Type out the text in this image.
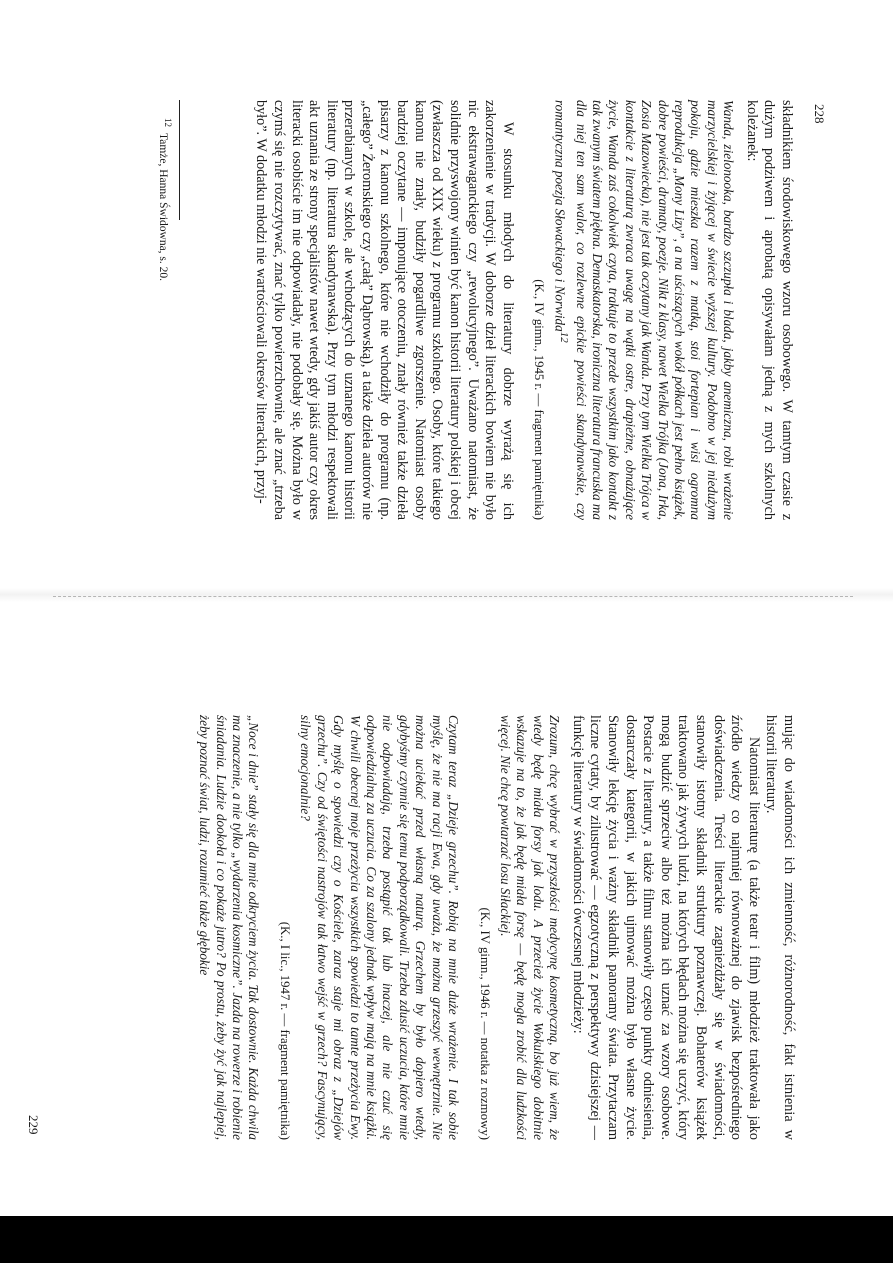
228

składnikiem środowiskowego wzoru osobowego. W tamtym czasie z dużym podziwem i aprobatą opisywałam jedną z mych szkolnych koleżanek:

Wanda, zielonooka, bardzo szczupła i blada, jakby anemiczna, robi wrażenie marzycielskiej i żyjącej w świecie wyższej kultury. Podobno w jej niedużym pokoju, gdzie mieszka razem z matką, stoi fortepian i wisi ogromna reprodukcja „Mony Lizy”, a na uściszących wokół półkach jest pełno książek, dobre powieści, dramaty, poezje. Nikt z klasy, nawet Wielka Trójka (Jona, Irka, Zosia Mazowiecka), nie jest tak oczytany jak Wanda. Przy tym Wielka Trójca w kontakcie z literaturą zwraca uwagę na wątki ostre, drapieżne, obnażające życie, Wanda zaś cokolwiek czyta, traktuje to przede wszystkim jako kontakt z tak zwanym światem piękna. Demaskatorska, ironiczna literatura francuska ma dla niej ten sam walor, co rozlewne epickie powieści skandynawskie, czy romantyczna poezja Słowackiego i Norwida$^{12}$

(K., IV gimn., 1945 r. — fragment pamiętnika)

W stosunku młodych do literatury dobrze wyrażą się ich zakorzenienie w tradycji. W doborze dzieł literackich bowiem nie było nic ekstrawaganckiego czy „rewolucyjnego”. Uważano natomiast, że solidnie przyswojony winien być kanon historii literatury polskiej i obcej (zwłaszcza od XIX wieku) z programu szkolnego. Osoby, które takiego kanonu nie znały, budziły pogardliwe zgorszenie. Natomiast osoby bardziej oczytane — imponujące otoczeniu, znały również także dzieła pisarzy z kanonu szkolnego, które nie wchodziły do programu (np. „całego” Żeromskiego czy „całą” Dąbrowską), a także dzieła autorów nie przerabianych w szkole, ale wchodzących do uznanego kanonu historii literatury (np. literatura skandynawska). Przy tym młodzi respektowali akt uznania ze strony specjalistów nawet wtedy, gdy jakiś autor czy okres literacki osobiście im nie odpowiadały, nie podobały się. Można było w czymś się nie rozczytywać, znać tylko powierzchownie, ale znać „trzeba było”. W dodatku młodzi nie wartościowali okresów literackich, przyj-

$^{12}$Tamże, Hanna Świdowna, s. 20.

mując do wiadomości ich zmienność, różnorodność, fakt istnienia w historii literatury.

Natomiast literaturę (a także teatr i film) młodzież traktowała jako źródło wiedzy co najmniej równoważnej do zjawisk bezpośredniego doświadczenia. Treści literackie zagnieżdżały się w świadomości, stanowiły istotny składnik struktury poznawczej. Bohaterów książek traktowano jak żywych ludzi, na których błędach można się uczyć, który mogą budzić sprzeciw albo też można ich uznać za wzory osobowe. Postacie z literatury, a także filmu stanowiły często punkty odniesienia, dostarczały kategorii, w jakich ujmować można było własne życie. Stanowiły lekcję życia i ważny składnik panoramy świata. Przytaczam liczne cytaty, by zilustrować — egzotyczną z perspektywy dzisiejszej — funkcję literatury w świadomości ówczesnej młodzieży:

Zrozum, chcę wybrać w przyszłości medycynę kosmetyczną, bo już wiem, że wtedy będę miała forsy jak lodu. A przecież życie Wokulskiego dobitnie wskazuje na to, że jak będę miała forsę — będę mogła zrobić dla ludzkości więcej. Nie chcę powtarzać losu Siłackiej.

(K., IV gimn., 1946 r. — notatka z rozmowy)

Czytam teraz „Dzieje grzechu”. Robią na mnie duże wrażenie. I tak sobie myślę, że nie ma racji Ewa, gdy uważa, że można grzeszyć wewnętrznie. Nie można uciekać przed własną naturą. Grzechem by było dopiero wtedy, gdybyśmy czynnie się temu podporządkowali. Trzeba zdusić uczucia, które mnie nie odpowiadają, trzeba postąpić tak lub inaczej, ale nie czuć się odpowiedzialną za uczucia. Co za szalony jednak wpływ mają na mnie książki. W chwili obecnej moje przeżycia wszystkich spowiedzi to tamte przeżycia Ewy. Gdy myślę o spowiedzi czy o Kościele, zaraz staje mi obraz z „Dziejów grzechu”. Czy od świętości nastrojów tak łatwo wejść w grzech? Fascynujący, silny emocjonalnie?

(K., I lic., 1947 r. — fragment pamiętnika)

„Noce i dnie” stały się dla mnie odkryciem życia. Tak dostownie. Każda chwila ma znaczenie, a nie tylko „wydarzenia kosmiczne”. Jazda na rowerze i robienie śniadania. Ludzie dookoła i co pokaże jutro? Po prostu, żeby żyć jak najlepiej, żeby poznać świat, ludzi, rozumieć także głębokie

229
